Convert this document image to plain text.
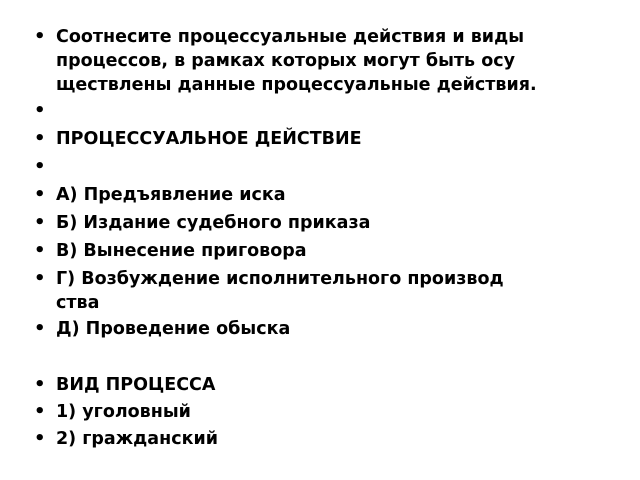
• Соотнесите процессуальные действия и виды
процессов, в рамках которых могут быть осу
ществлены данные процессуальные действия.
•
• ПРОЦЕССУАЛЬНОЕ ДЕЙСТВИЕ
•
• А) Предъявление иска
• Б) Издание судебного приказа
• В) Вынесение приговора
• Г) Возбуждение исполнительного производ
ства
• Д) Проведение обыска
• ВИД ПРОЦЕССА
• 1) уголовный
• 2) гражданский
